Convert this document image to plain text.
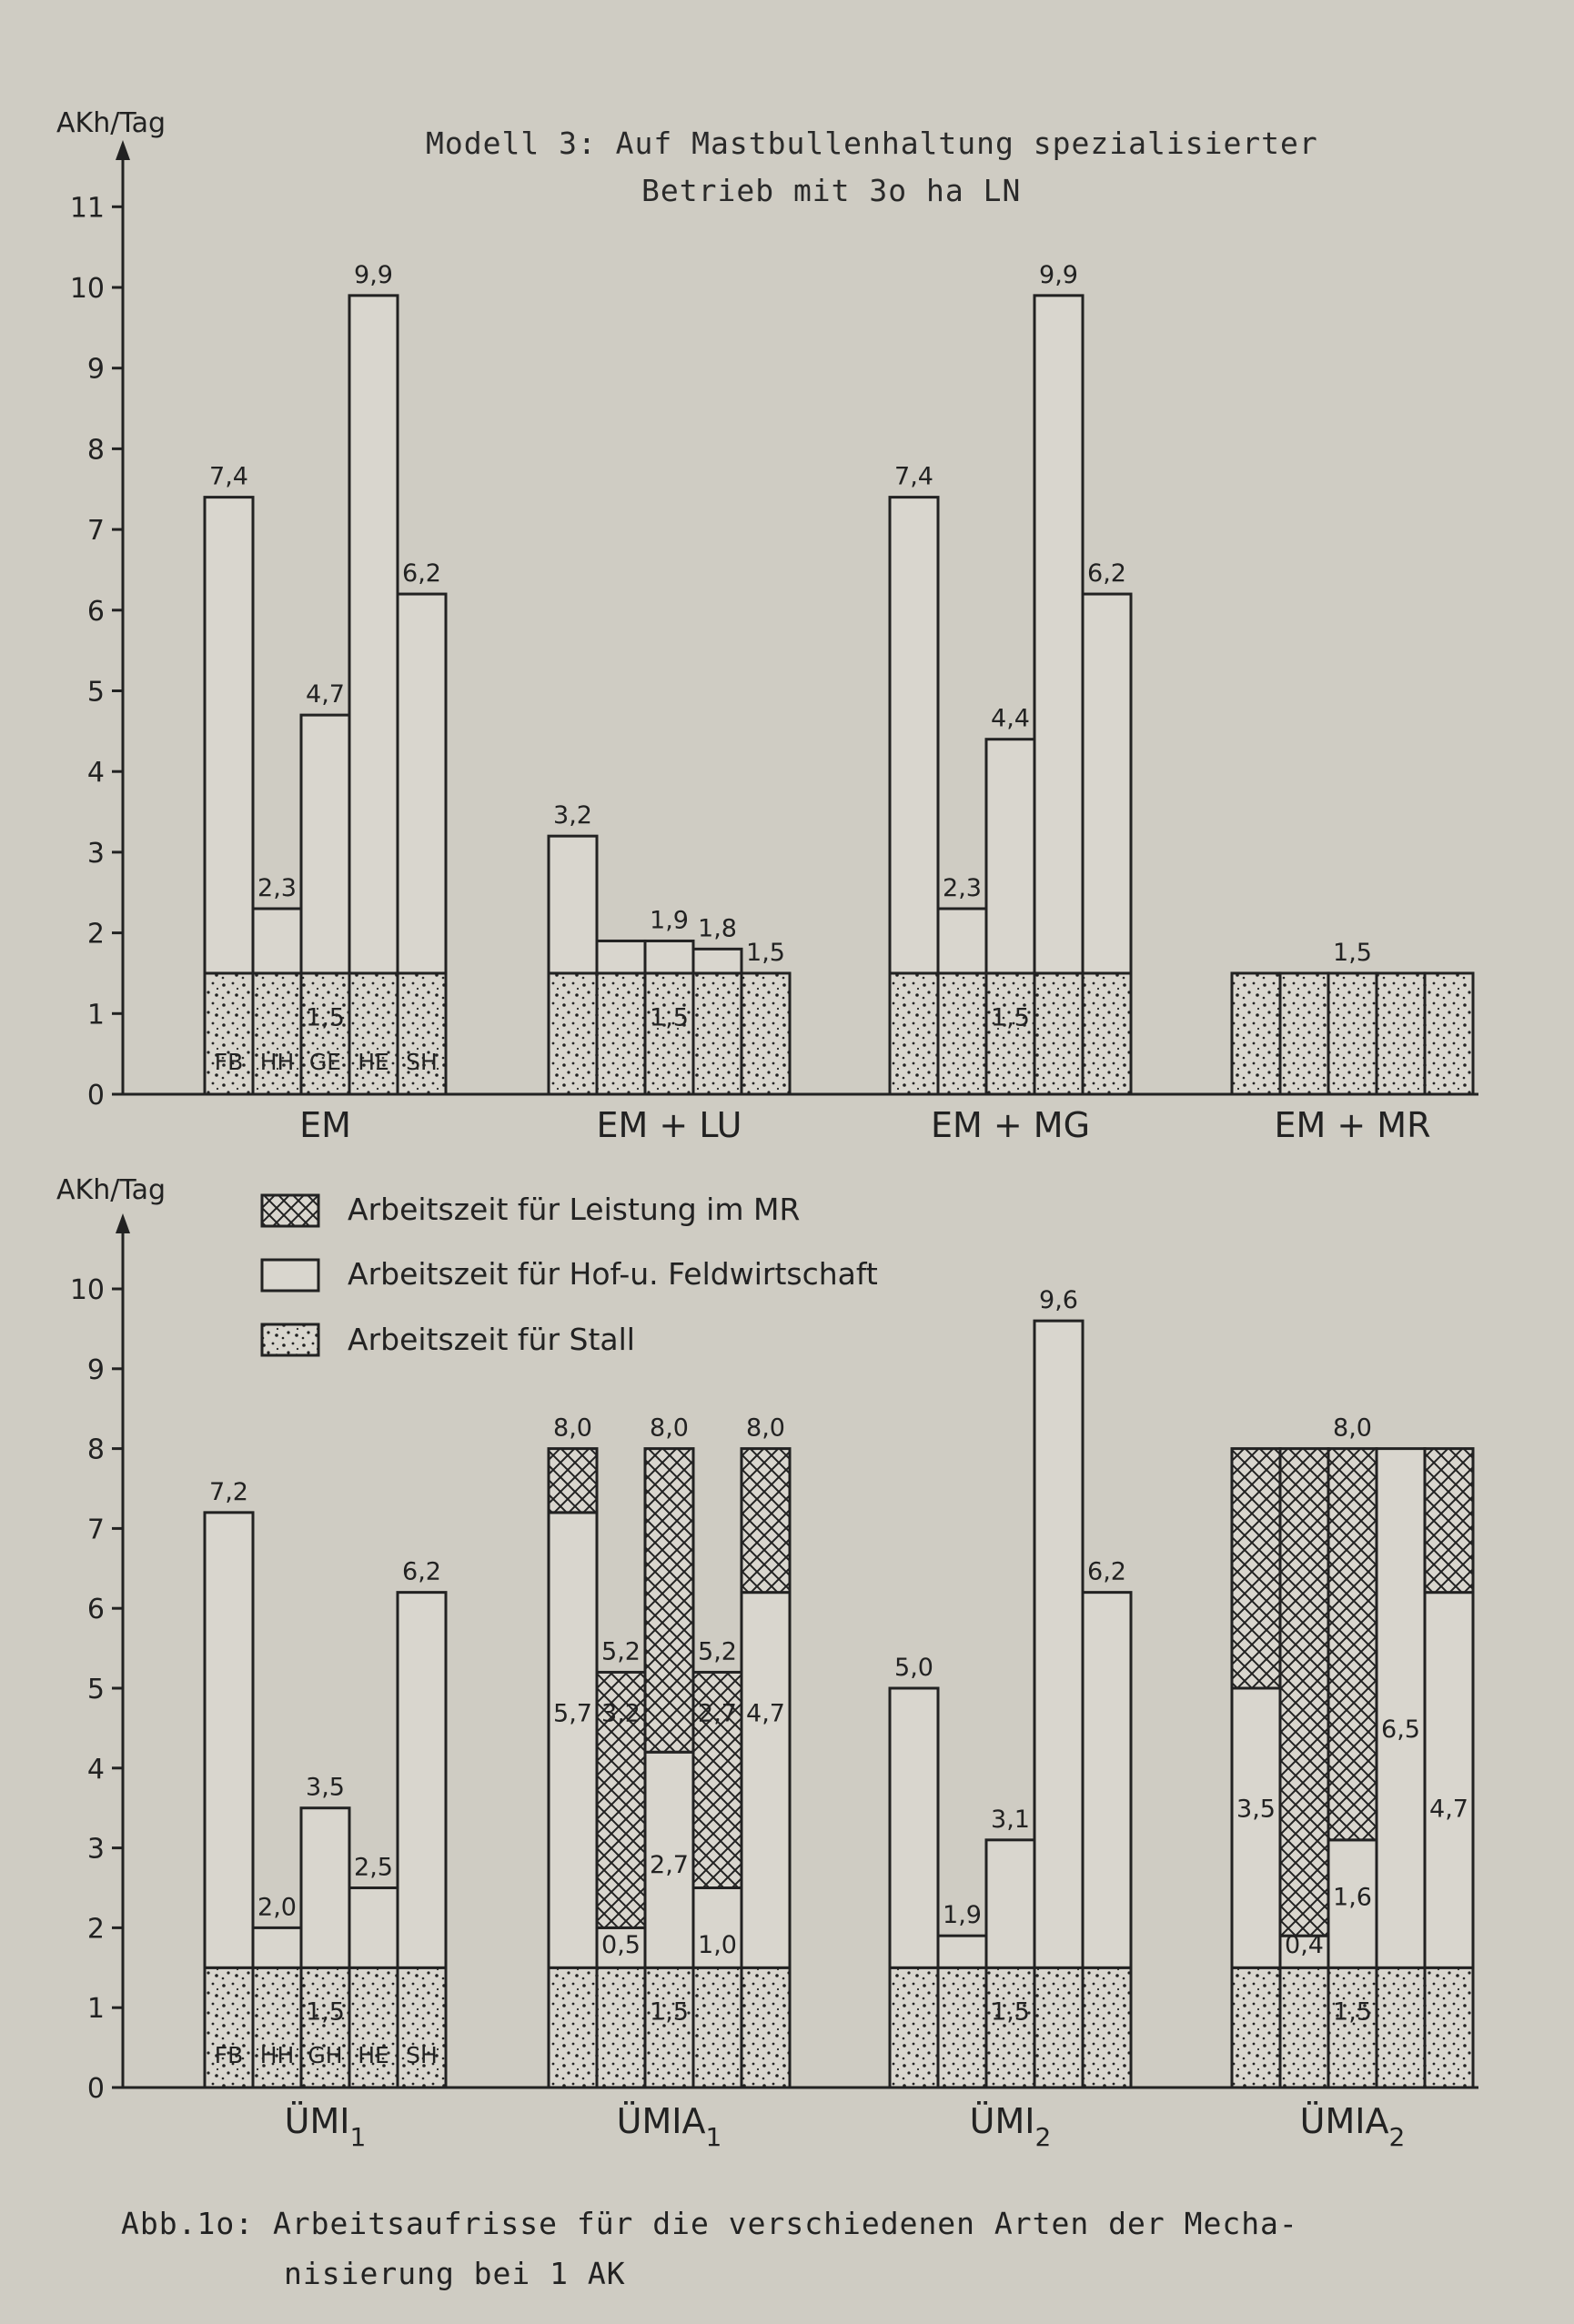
Modell 3: Auf Mastbullenhaltung spezialisierter
Betrieb mit 3o ha LN
AKh/Tag
0
1
2
3
4
5
6
7
8
9
10
11
7,4
FB
2,3
HH
4,7
GE
9,9
HE
6,2
SH
1,5
EM
3,2
1,9 1,8
1,5
1,5
EM + LU
7,4
2,3
4,4
9,9
6,2
1,5
EM + MG
1,5
EM + MR
AKh/Tag
0
1
2
3
4
5
6
7
8
9
10
7,2
FB
2,0
HH
3,5
GH
2,5
HE
6,2
SH
1,5
$ÜMI_1$
8,0
5,2
8,0
5,2
8,0
1,5
5,7 3,2
0,5
2,7
2,7
1,0
4,7
$ÜMIA_1$
5,0
1,9
3,1
9,6
6,2
1,5
$ÜMI_2$
8,0
1,5
3,5
0,4
1,6
6,5
4,7
$ÜMIA_2$
Arbeitszeit für Leistung im MR
Arbeitszeit für Hof-u. Feldwirtschaft
Arbeitszeit für Stall
Abb.1o: Arbeitsaufrisse für die verschiedenen Arten der Mecha-
nisierung bei 1 AK
